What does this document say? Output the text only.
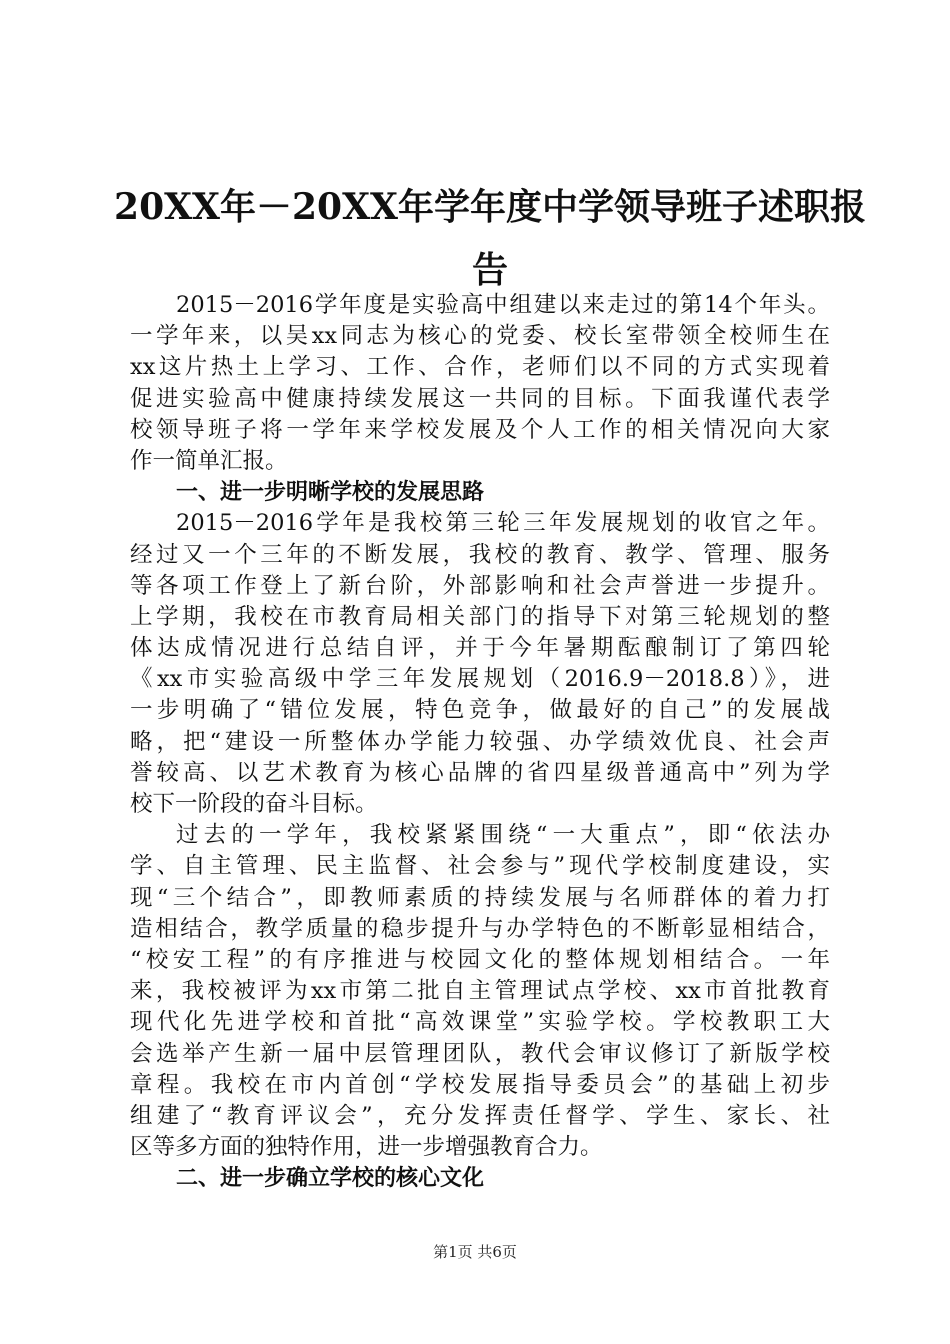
20XX年－20XX年学年度中学领导班子述职报
告
2015－2016学年度是实验高中组建以来走过的第14个年头。
一学年来，以吴xx同志为核心的党委、校长室带领全校师生在
xx这片热土上学习、工作、合作，老师们以不同的方式实现着
促进实验高中健康持续发展这一共同的目标。下面我谨代表学
校领导班子将一学年来学校发展及个人工作的相关情况向大家
作一简单汇报。
一、进一步明晰学校的发展思路
2015－2016学年是我校第三轮三年发展规划的收官之年。
经过又一个三年的不断发展，我校的教育、教学、管理、服务
等各项工作登上了新台阶，外部影响和社会声誉进一步提升。
上学期，我校在市教育局相关部门的指导下对第三轮规划的整
体达成情况进行总结自评，并于今年暑期酝酿制订了第四轮
《xx市实验高级中学三年发展规划（2016.9－2018.8）》，进
一步明确了“错位发展，特色竞争，做最好的自己”的发展战
略，把“建设一所整体办学能力较强、办学绩效优良、社会声
誉较高、以艺术教育为核心品牌的省四星级普通高中”列为学
校下一阶段的奋斗目标。
过去的一学年，我校紧紧围绕“一大重点”，即“依法办
学、自主管理、民主监督、社会参与”现代学校制度建设，实
现“三个结合”，即教师素质的持续发展与名师群体的着力打
造相结合，教学质量的稳步提升与办学特色的不断彰显相结合，
“校安工程”的有序推进与校园文化的整体规划相结合。一年
来，我校被评为xx市第二批自主管理试点学校、xx市首批教育
现代化先进学校和首批“高效课堂”实验学校。学校教职工大
会选举产生新一届中层管理团队，教代会审议修订了新版学校
章程。我校在市内首创“学校发展指导委员会”的基础上初步
组建了“教育评议会”，充分发挥责任督学、学生、家长、社
区等多方面的独特作用，进一步增强教育合力。
二、进一步确立学校的核心文化
第1页 共6页
